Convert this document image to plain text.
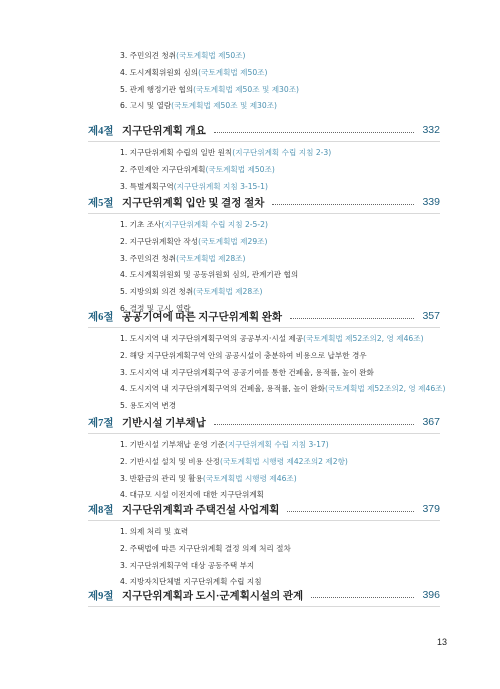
3. 주민의견 청취(국토계획법 제50조)
4. 도시계획위원회 심의(국토계획법 제50조)
5. 관계 행정기관 협의(국토계획법 제50조 및 제30조)
6. 고시 및 열람(국토계획법 제50조 및 제30조)
제4절 지구단위계획 개요	332
1. 지구단위계획 수립의 일반 원칙(지구단위계획 수립 지침 2-3)
2. 주민제안 지구단위계획(국토계획법 제50조)
3. 특별계획구역(지구단위계획 지침 3-15-1)
제5절 지구단위계획 입안 및 결정 절차	339
1. 기초 조사(지구단위계획 수립 지침 2-5-2)
2. 지구단위계획안 작성(국토계획법 제29조)
3. 주민의견 청취(국토계획법 제28조)
4. 도시계획위원회 및 공동위원회 심의, 관계기관 협의
5. 지방의회 의견 청취(국토계획법 제28조)
6. 결정 및 고시, 열람
제6절 공공기여에 따른 지구단위계획 완화	357
1. 도시지역 내 지구단위계획구역의 공공부지·시설 제공(국토계획법 제52조의2, 영 제46조)
2. 해당 지구단위계획구역 안의 공공시설이 충분하여 비용으로 납부한 경우
3. 도시지역 내 지구단위계획구역 공공기여를 통한 건폐율, 용적률, 높이 완화
4. 도시지역 내 지구단위계획구역의 건폐율, 용적률, 높이 완화(국토계획법 제52조의2, 영 제46조)
5. 용도지역 변경
제7절 기반시설 기부채납	367
1. 기반시설 기부채납 운영 기준(지구단위계획 수립 지침 3-17)
2. 기반시설 설치 및 비용 산정(국토계획법 시행령 제42조의2 제2항)
3. 반환금의 관리 및 활용(국토계획법 시행령 제46조)
4. 대규모 시설 이전지에 대한 지구단위계획
제8절 지구단위계획과 주택건설 사업계획	379
1. 의제 처리 및 효력
2. 주택법에 따른 지구단위계획 결정 의제 처리 절차
3. 지구단위계획구역 대상 공동주택 부지
4. 지방자치단체별 지구단위계획 수립 지침
제9절 지구단위계획과 도시·군계획시설의 관계	396
13
